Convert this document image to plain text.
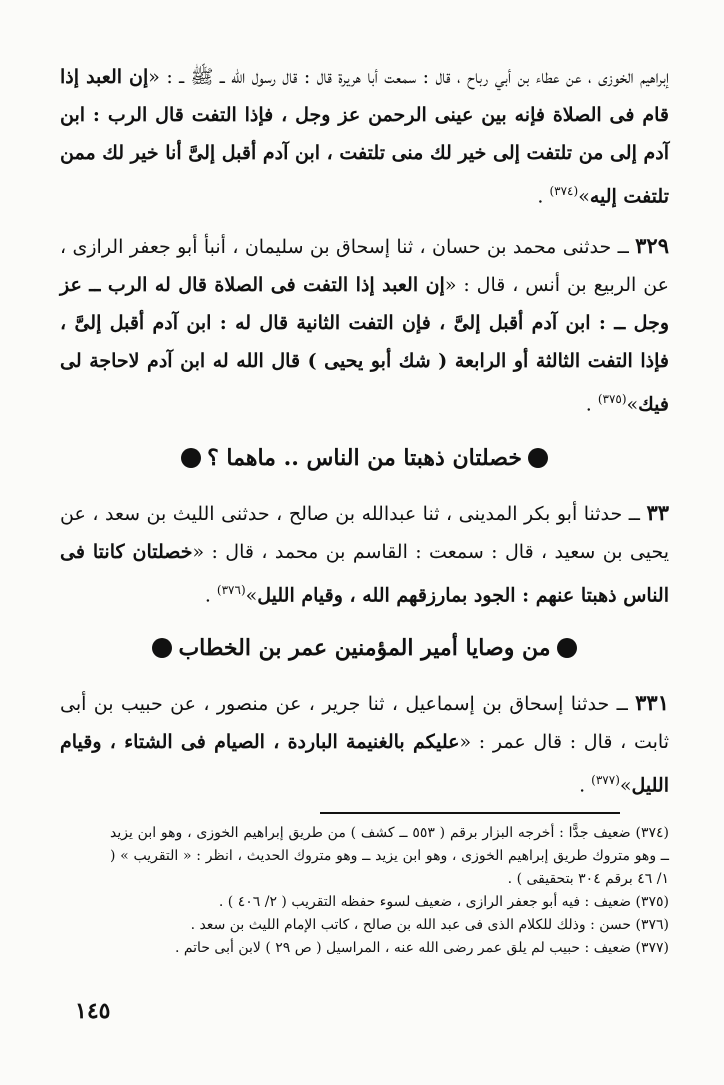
إبراهيم الخوزى ، عن عطاء بن أبي رباح ، قال : سمعت أبا هريرة قال : قال رسول الله ــ ﷺ ــ : «إن العبد إذا قام فى الصلاة فإنه بين عينى الرحمن عز وجل ، فإذا التفت قال الرب : ابن آدم إلى من تلتفت إلى خير لك منى تلتفت ، ابن آدم أقبل إلىَّ أنا خير لك ممن تلتفت إليه»$^{(٣٧٤)}$ .

٣٢٩ ــ حدثنى محمد بن حسان ، ثنا إسحاق بن سليمان ، أنبأ أبو جعفر الرازى ، عن الربيع بن أنس ، قال : «إن العبد إذا التفت فى الصلاة قال له الرب ــ عز وجل ــ : ابن آدم أقبل إلىَّ ، فإن التفت الثانية قال له : ابن آدم أقبل إلىَّ ، فإذا التفت الثالثة أو الرابعة ( شك أبو يحيى ) قال الله له ابن آدم لاحاجة لى فيك»$^{(٣٧٥)}$ .

خصلتان ذهبتا من الناس .. ماهما ؟

٣٣ ــ حدثنا أبو بكر المدينى ، ثنا عبدالله بن صالح ، حدثنى الليث بن سعد ، عن يحيى بن سعيد ، قال : سمعت : القاسم بن محمد ، قال : «خصلتان كانتا فى الناس ذهبتا عنهم : الجود بمارزقهم الله ، وقيام الليل»$^{(٣٧٦)}$ .

من وصايا أمير المؤمنين عمر بن الخطاب

٣٣١ ــ حدثنا إسحاق بن إسماعيل ، ثنا جرير ، عن منصور ، عن حبيب بن أبى ثابت ، قال : قال عمر : «عليكم بالغنيمة الباردة ، الصيام فى الشتاء ، وقيام الليل»$^{(٣٧٧)}$ .

(٣٧٤) ضعيف جدًّا : أخرجه البزار برقم ( ٥٥٣ ــ كشف ) من طريق إبراهيم الخوزى ، وهو ابن يزيد ــ وهو متروك طريق إبراهيم الخوزى ، وهو ابن يزيد ــ وهو متروك الحديث ، انظر : « التقريب » ( ١/ ٤٦ برقم ٣٠٤ بتحقيقى ) .

(٣٧٥) ضعيف : فيه أبو جعفر الرازى ، ضعيف لسوء حفظه التقريب ( ٢/ ٤٠٦ ) .

(٣٧٦) حسن : وذلك للكلام الذى فى عبد الله بن صالح ، كاتب الإمام الليث بن سعد .

(٣٧٧) ضعيف : حبيب لم يلق عمر رضى الله عنه ، المراسيل ( ص ٢٩ ) لابن أبى حاتم .

١٤٥
